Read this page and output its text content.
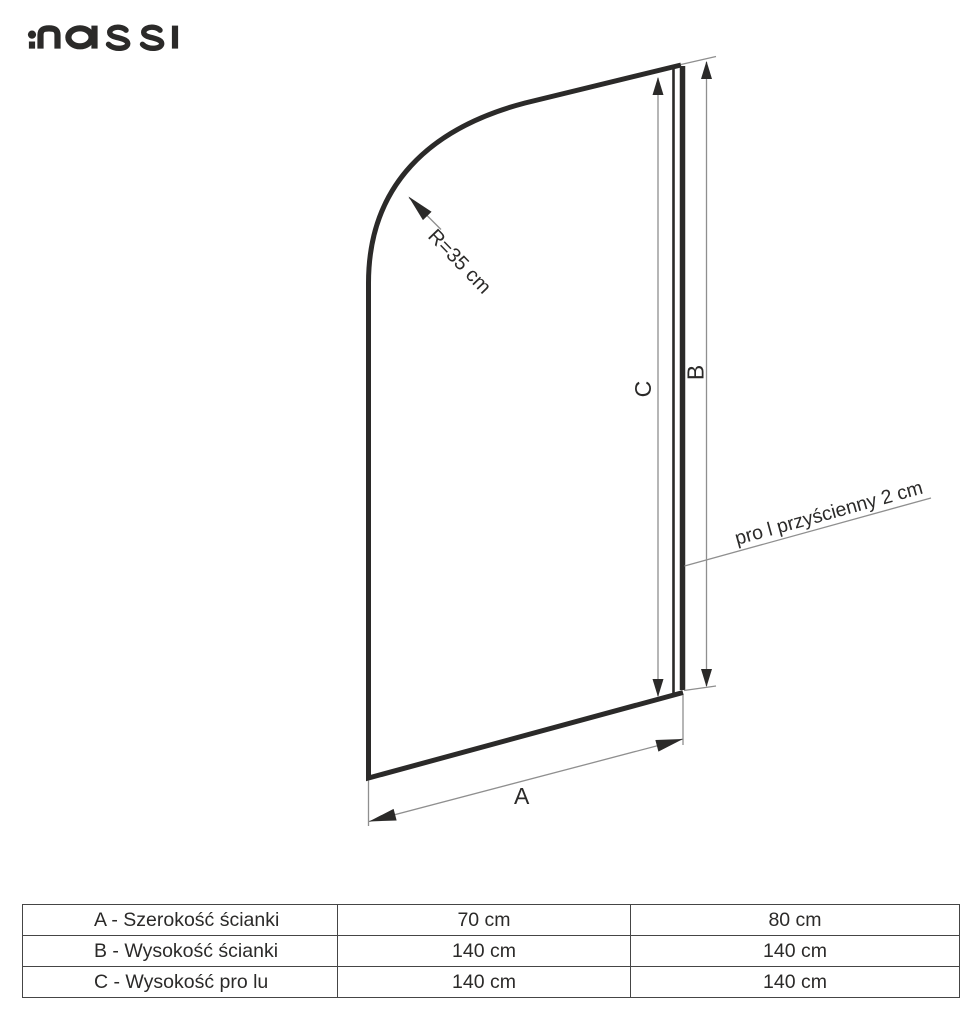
R=35 cm
pro l przyścienny 2 cm
A
C
B
A - Szerokość ścianki	70 cm	80 cm
B - Wysokość ścianki	140 cm	140 cm
C - Wysokość pro lu	140 cm	140 cm
